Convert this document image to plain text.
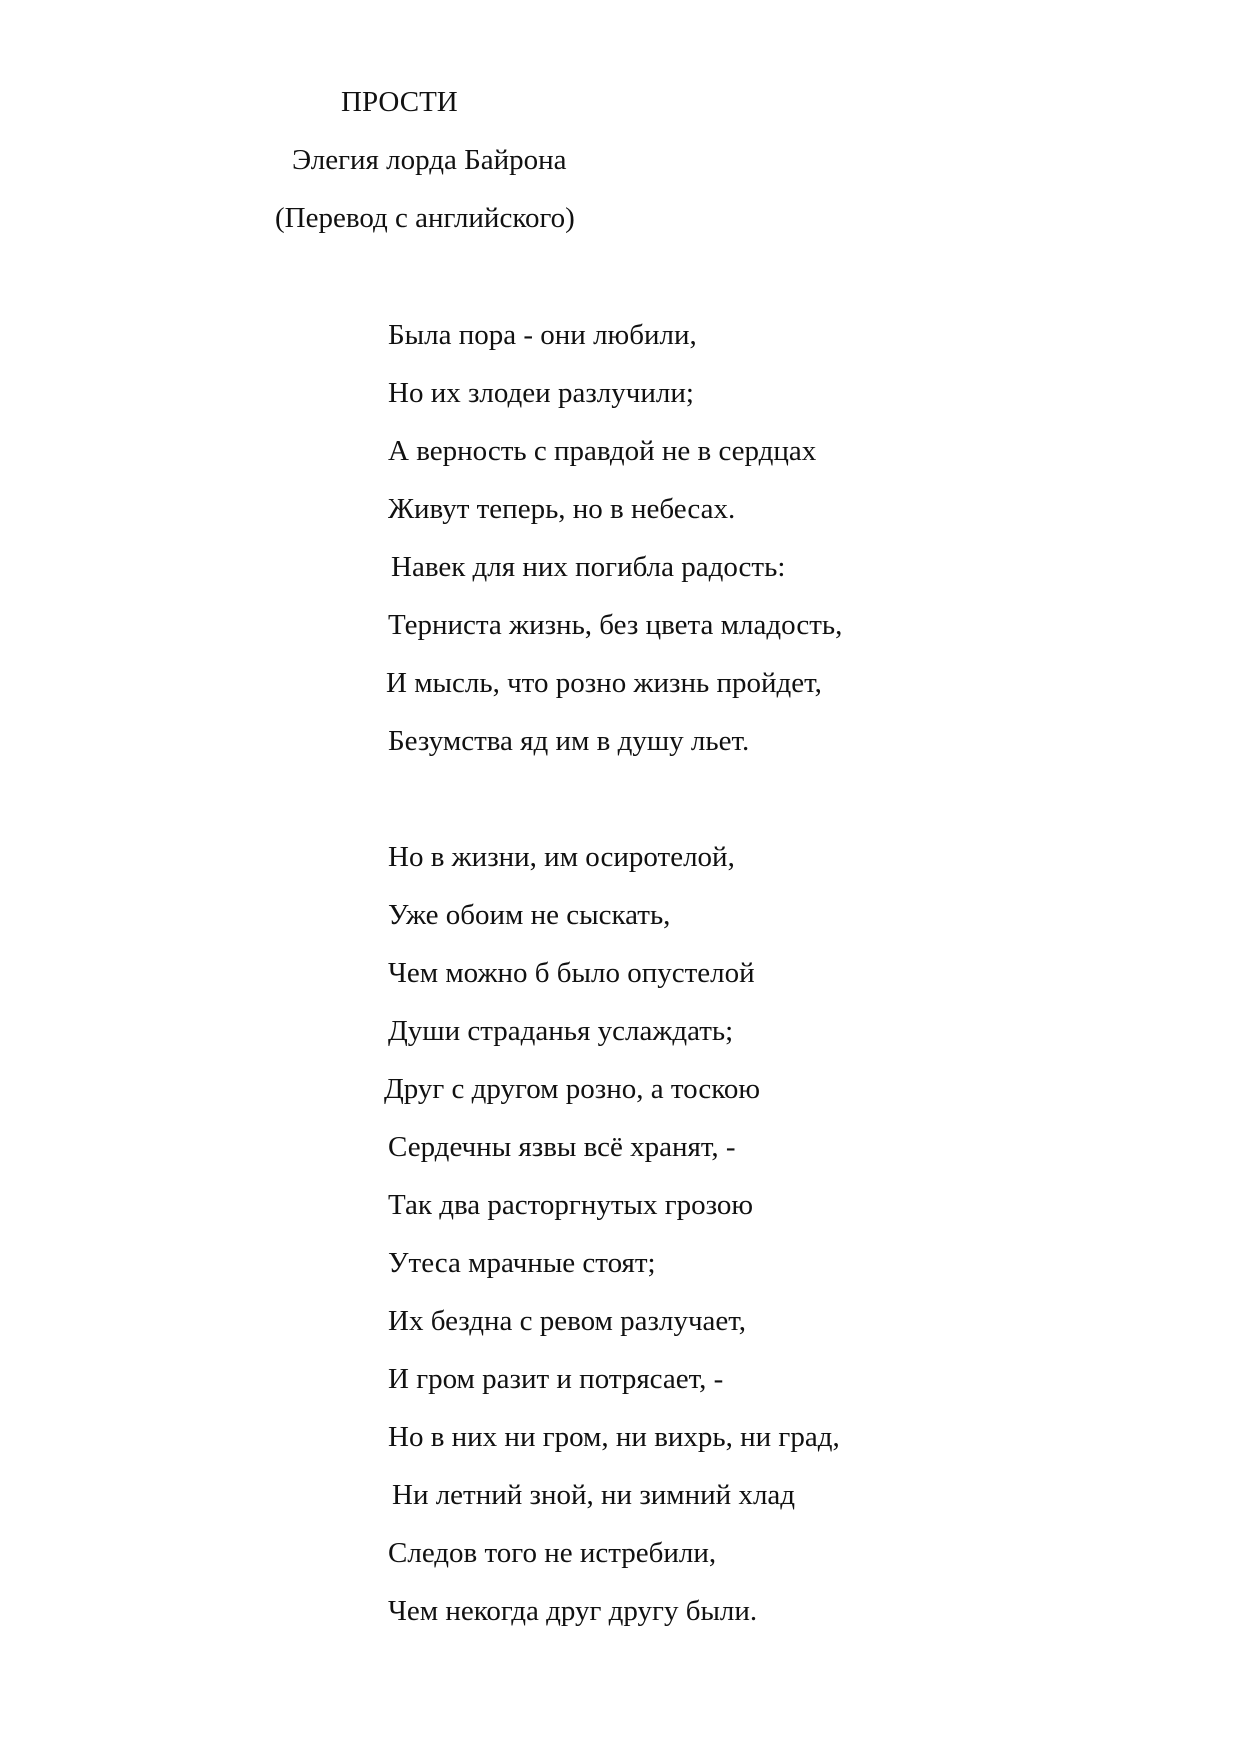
ПРОСТИ

Элегия лорда Байрона

(Перевод с английского)

Была пора - они любили,

Но их злодеи разлучили;

А верность с правдой не в сердцах

Живут теперь, но в небесах.

Навек для них погибла радость:

Терниста жизнь, без цвета младость,

И мысль, что розно жизнь пройдет,

Безумства яд им в душу льет.

Но в жизни, им осиротелой,

Уже обоим не сыскать,

Чем можно б было опустелой

Души страданья услаждать;

Друг с другом розно, а тоскою

Сердечны язвы всё хранят, -

Так два расторгнутых грозою

Утеса мрачные стоят;

Их бездна с ревом разлучает,

И гром разит и потрясает, -

Но в них ни гром, ни вихрь, ни град,

Ни летний зной, ни зимний хлад

Следов того не истребили,

Чем некогда друг другу были.
